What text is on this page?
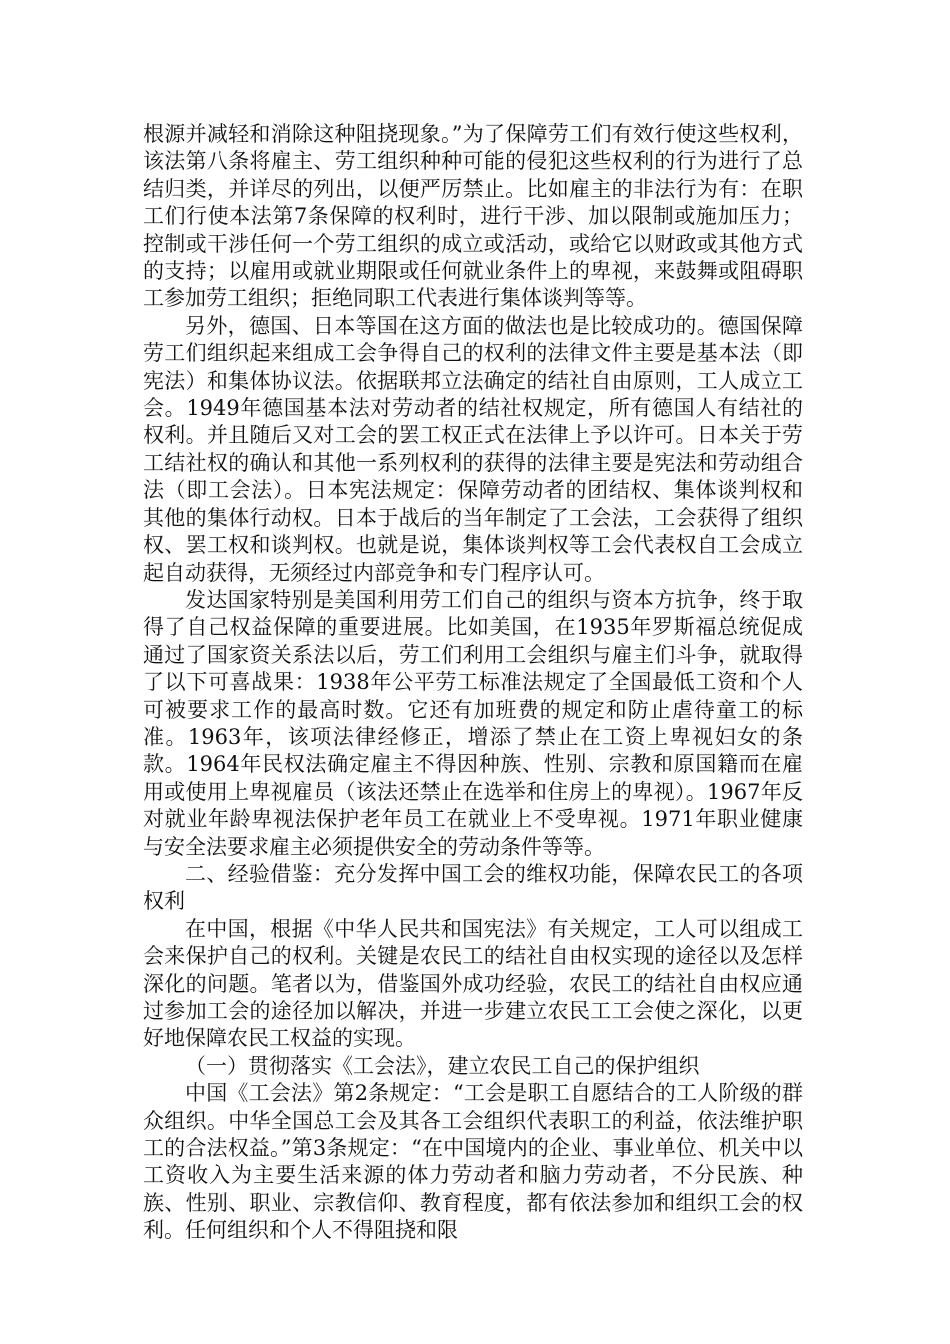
根源并减轻和消除这种阻挠现象。”为了保障劳工们有效行使这些权利，该法第八条将雇主、劳工组织种种可能的侵犯这些权利的行为进行了总结归类，并详尽的列出，以便严厉禁止。比如雇主的非法行为有：在职工们行使本法第7条保障的权利时，进行干涉、加以限制或施加压力；控制或干涉任何一个劳工组织的成立或活动，或给它以财政或其他方式的支持；以雇用或就业期限或任何就业条件上的卑视，来鼓舞或阻碍职工参加劳工组织；拒绝同职工代表进行集体谈判等等。

另外，德国、日本等国在这方面的做法也是比较成功的。德国保障劳工们组织起来组成工会争得自己的权利的法律文件主要是基本法（即宪法）和集体协议法。依据联邦立法确定的结社自由原则，工人成立工会。1949年德国基本法对劳动者的结社权规定，所有德国人有结社的权利。并且随后又对工会的罢工权正式在法律上予以许可。日本关于劳工结社权的确认和其他一系列权利的获得的法律主要是宪法和劳动组合法（即工会法）。日本宪法规定：保障劳动者的团结权、集体谈判权和其他的集体行动权。日本于战后的当年制定了工会法，工会获得了组织权、罢工权和谈判权。也就是说，集体谈判权等工会代表权自工会成立起自动获得，无须经过内部竞争和专门程序认可。

发达国家特别是美国利用劳工们自己的组织与资本方抗争，终于取得了自己权益保障的重要进展。比如美国，在1935年罗斯福总统促成通过了国家资关系法以后，劳工们利用工会组织与雇主们斗争，就取得了以下可喜战果：1938年公平劳工标准法规定了全国最低工资和个人可被要求工作的最高时数。它还有加班费的规定和防止虐待童工的标准。1963年，该项法律经修正，增添了禁止在工资上卑视妇女的条款。1964年民权法确定雇主不得因种族、性别、宗教和原国籍而在雇用或使用上卑视雇员（该法还禁止在选举和住房上的卑视）。1967年反对就业年龄卑视法保护老年员工在就业上不受卑视。1971年职业健康与安全法要求雇主必须提供安全的劳动条件等等。

二、经验借鉴：充分发挥中国工会的维权功能，保障农民工的各项权利

在中国，根据《中华人民共和国宪法》有关规定，工人可以组成工会来保护自己的权利。关键是农民工的结社自由权实现的途径以及怎样深化的问题。笔者以为，借鉴国外成功经验，农民工的结社自由权应通过参加工会的途径加以解决，并进一步建立农民工工会使之深化，以更好地保障农民工权益的实现。

（一）贯彻落实《工会法》，建立农民工自己的保护组织

中国《工会法》第2条规定：“工会是职工自愿结合的工人阶级的群众组织。中华全国总工会及其各工会组织代表职工的利益，依法维护职工的合法权益。”第3条规定：“在中国境内的企业、事业单位、机关中以工资收入为主要生活来源的体力劳动者和脑力劳动者，不分民族、种族、性别、职业、宗教信仰、教育程度，都有依法参加和组织工会的权利。任何组织和个人不得阻挠和限
